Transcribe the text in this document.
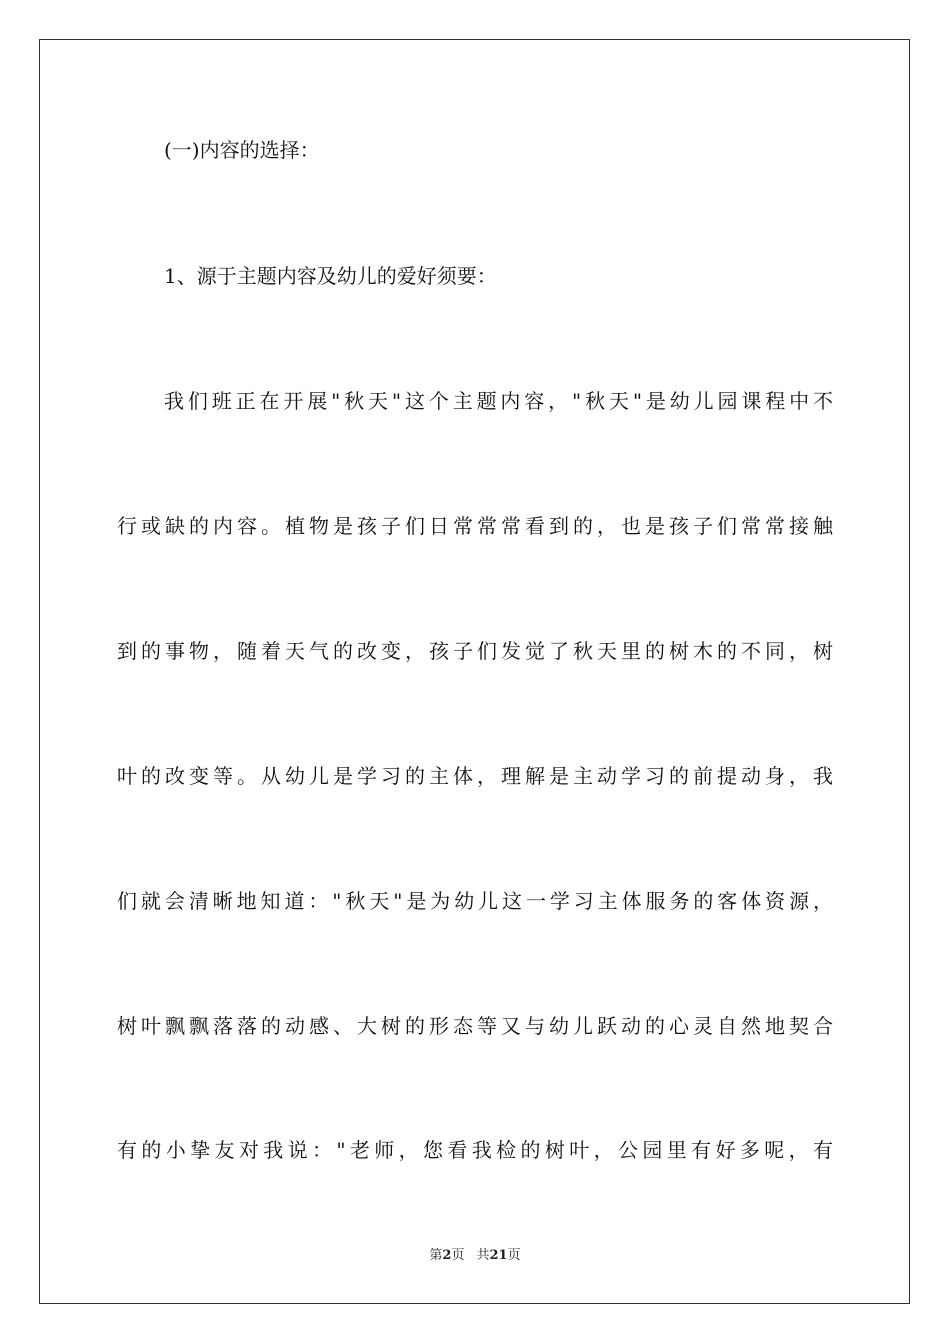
(一)内容的选择：
1、源于主题内容及幼儿的爱好须要：
我们班正在开展"秋天"这个主题内容，"秋天"是幼儿园课程中不
行或缺的内容。植物是孩子们日常常常看到的，也是孩子们常常接触
到的事物，随着天气的改变，孩子们发觉了秋天里的树木的不同，树
叶的改变等。从幼儿是学习的主体，理解是主动学习的前提动身，我
们就会清晰地知道："秋天"是为幼儿这一学习主体服务的客体资源，
树叶飘飘落落的动感、大树的形态等又与幼儿跃动的心灵自然地契合
有的小挚友对我说："老师，您看我检的树叶，公园里有好多呢，有
第2页 共21页
